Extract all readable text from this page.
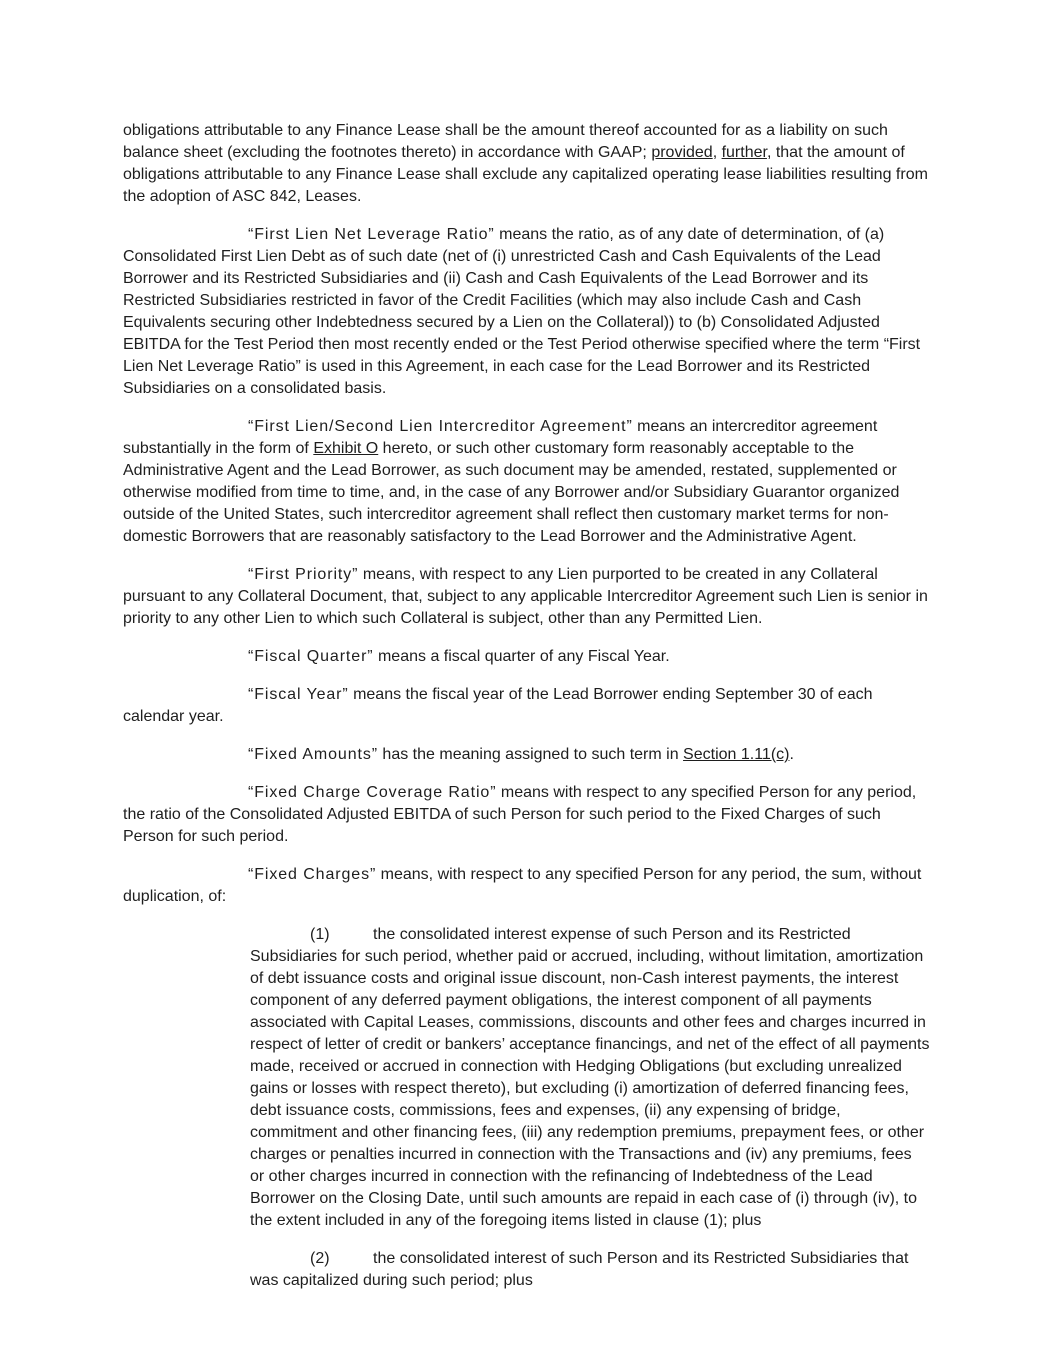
obligations attributable to any Finance Lease shall be the amount thereof accounted for as a liability on such balance sheet (excluding the footnotes thereto) in accordance with GAAP; provided, further, that the amount of obligations attributable to any Finance Lease shall exclude any capitalized operating lease liabilities resulting from the adoption of ASC 842, Leases.

“First Lien Net Leverage Ratio” means the ratio, as of any date of determination, of (a) Consolidated First Lien Debt as of such date (net of (i) unrestricted Cash and Cash Equivalents of the Lead Borrower and its Restricted Subsidiaries and (ii) Cash and Cash Equivalents of the Lead Borrower and its Restricted Subsidiaries restricted in favor of the Credit Facilities (which may also include Cash and Cash Equivalents securing other Indebtedness secured by a Lien on the Collateral)) to (b) Consolidated Adjusted EBITDA for the Test Period then most recently ended or the Test Period otherwise specified where the term “First Lien Net Leverage Ratio” is used in this Agreement, in each case for the Lead Borrower and its Restricted Subsidiaries on a consolidated basis.

“First Lien/Second Lien Intercreditor Agreement” means an intercreditor agreement substantially in the form of Exhibit O hereto, or such other customary form reasonably acceptable to the Administrative Agent and the Lead Borrower, as such document may be amended, restated, supplemented or otherwise modified from time to time, and, in the case of any Borrower and/or Subsidiary Guarantor organized outside of the United States, such intercreditor agreement shall reflect then customary market terms for non-domestic Borrowers that are reasonably satisfactory to the Lead Borrower and the Administrative Agent.

“First Priority” means, with respect to any Lien purported to be created in any Collateral pursuant to any Collateral Document, that, subject to any applicable Intercreditor Agreement such Lien is senior in priority to any other Lien to which such Collateral is subject, other than any Permitted Lien.

“Fiscal Quarter” means a fiscal quarter of any Fiscal Year.

“Fiscal Year” means the fiscal year of the Lead Borrower ending September 30 of each calendar year.

“Fixed Amounts” has the meaning assigned to such term in Section 1.11(c).

“Fixed Charge Coverage Ratio” means with respect to any specified Person for any period, the ratio of the Consolidated Adjusted EBITDA of such Person for such period to the Fixed Charges of such Person for such period.

“Fixed Charges” means, with respect to any specified Person for any period, the sum, without duplication, of:

(1)	the consolidated interest expense of such Person and its Restricted Subsidiaries for such period, whether paid or accrued, including, without limitation, amortization of debt issuance costs and original issue discount, non-Cash interest payments, the interest component of any deferred payment obligations, the interest component of all payments associated with Capital Leases, commissions, discounts and other fees and charges incurred in respect of letter of credit or bankers’ acceptance financings, and net of the effect of all payments made, received or accrued in connection with Hedging Obligations (but excluding unrealized gains or losses with respect thereto), but excluding (i) amortization of deferred financing fees, debt issuance costs, commissions, fees and expenses, (ii) any expensing of bridge, commitment and other financing fees, (iii) any redemption premiums, prepayment fees, or other charges or penalties incurred in connection with the Transactions and (iv) any premiums, fees or other charges incurred in connection with the refinancing of Indebtedness of the Lead Borrower on the Closing Date, until such amounts are repaid in each case of (i) through (iv), to the extent included in any of the foregoing items listed in clause (1); plus

(2)	the consolidated interest of such Person and its Restricted Subsidiaries that was capitalized during such period; plus
